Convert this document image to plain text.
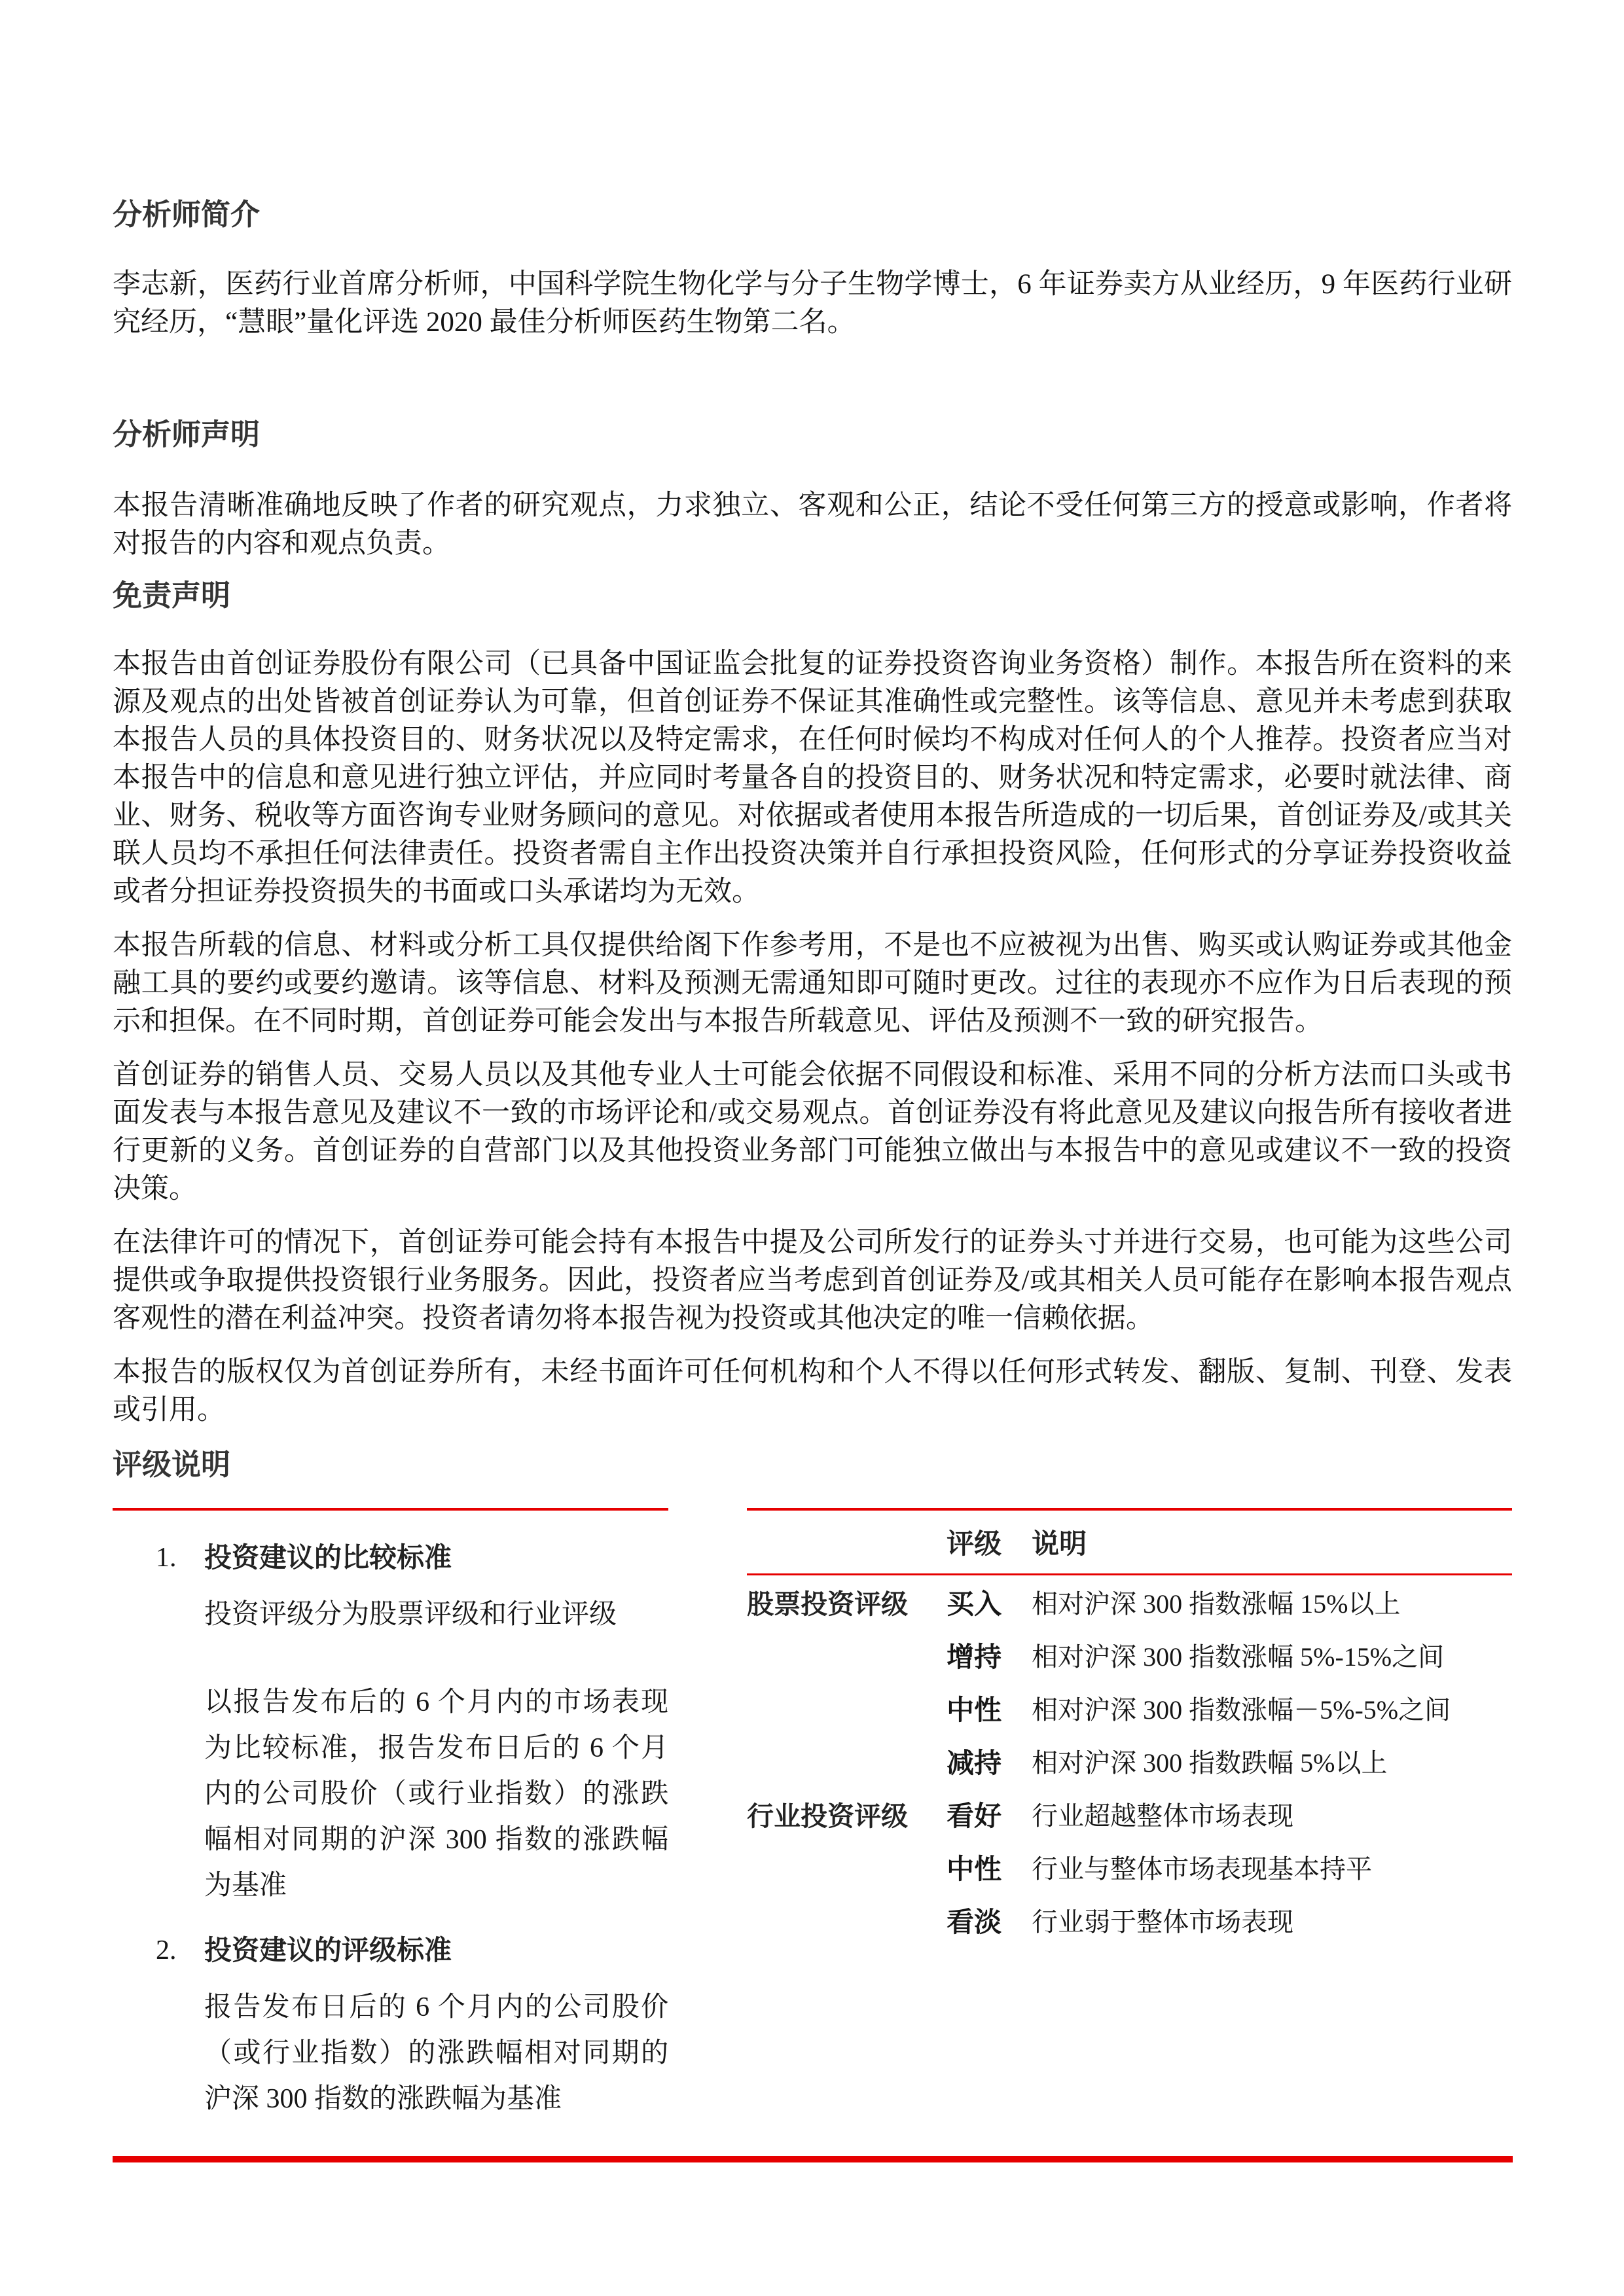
分析师简介

李志新，医药行业首席分析师，中国科学院生物化学与分子生物学博士，6 年证券卖方从业经历，9 年医药行业研究经历，“慧眼”量化评选 2020 最佳分析师医药生物第二名。

分析师声明

本报告清晰准确地反映了作者的研究观点，力求独立、客观和公正，结论不受任何第三方的授意或影响，作者将对报告的内容和观点负责。

免责声明

本报告由首创证券股份有限公司（已具备中国证监会批复的证券投资咨询业务资格）制作。本报告所在资料的来源及观点的出处皆被首创证券认为可靠，但首创证券不保证其准确性或完整性。该等信息、意见并未考虑到获取本报告人员的具体投资目的、财务状况以及特定需求，在任何时候均不构成对任何人的个人推荐。投资者应当对本报告中的信息和意见进行独立评估，并应同时考量各自的投资目的、财务状况和特定需求，必要时就法律、商业、财务、税收等方面咨询专业财务顾问的意见。对依据或者使用本报告所造成的一切后果，首创证券及/或其关联人员均不承担任何法律责任。投资者需自主作出投资决策并自行承担投资风险，任何形式的分享证券投资收益或者分担证券投资损失的书面或口头承诺均为无效。

本报告所载的信息、材料或分析工具仅提供给阁下作参考用，不是也不应被视为出售、购买或认购证券或其他金融工具的要约或要约邀请。该等信息、材料及预测无需通知即可随时更改。过往的表现亦不应作为日后表现的预示和担保。在不同时期，首创证券可能会发出与本报告所载意见、评估及预测不一致的研究报告。

首创证券的销售人员、交易人员以及其他专业人士可能会依据不同假设和标准、采用不同的分析方法而口头或书面发表与本报告意见及建议不一致的市场评论和/或交易观点。首创证券没有将此意见及建议向报告所有接收者进行更新的义务。首创证券的自营部门以及其他投资业务部门可能独立做出与本报告中的意见或建议不一致的投资决策。

在法律许可的情况下，首创证券可能会持有本报告中提及公司所发行的证券头寸并进行交易，也可能为这些公司提供或争取提供投资银行业务服务。因此，投资者应当考虑到首创证券及/或其相关人员可能存在影响本报告观点客观性的潜在利益冲突。投资者请勿将本报告视为投资或其他决定的唯一信赖依据。

本报告的版权仅为首创证券所有，未经书面许可任何机构和个人不得以任何形式转发、翻版、复制、刊登、发表或引用。

评级说明
1.	投资建议的比较标准

投资评级分为股票评级和行业评级

以报告发布后的 6 个月内的市场表现为比较标准，报告发布日后的 6 个月内的公司股价（或行业指数）的涨跌幅相对同期的沪深 300 指数的涨跌幅为基准

2.	投资建议的评级标准

报告发布日后的 6 个月内的公司股价（或行业指数）的涨跌幅相对同期的沪深 300 指数的涨跌幅为基准

评级	说明
股票投资评级	买入	相对沪深 300 指数涨幅 15%以上
增持	相对沪深 300 指数涨幅 5%-15%之间
中性	相对沪深 300 指数涨幅－5%-5%之间
减持	相对沪深 300 指数跌幅 5%以上
行业投资评级	看好	行业超越整体市场表现
中性	行业与整体市场表现基本持平
看淡	行业弱于整体市场表现
